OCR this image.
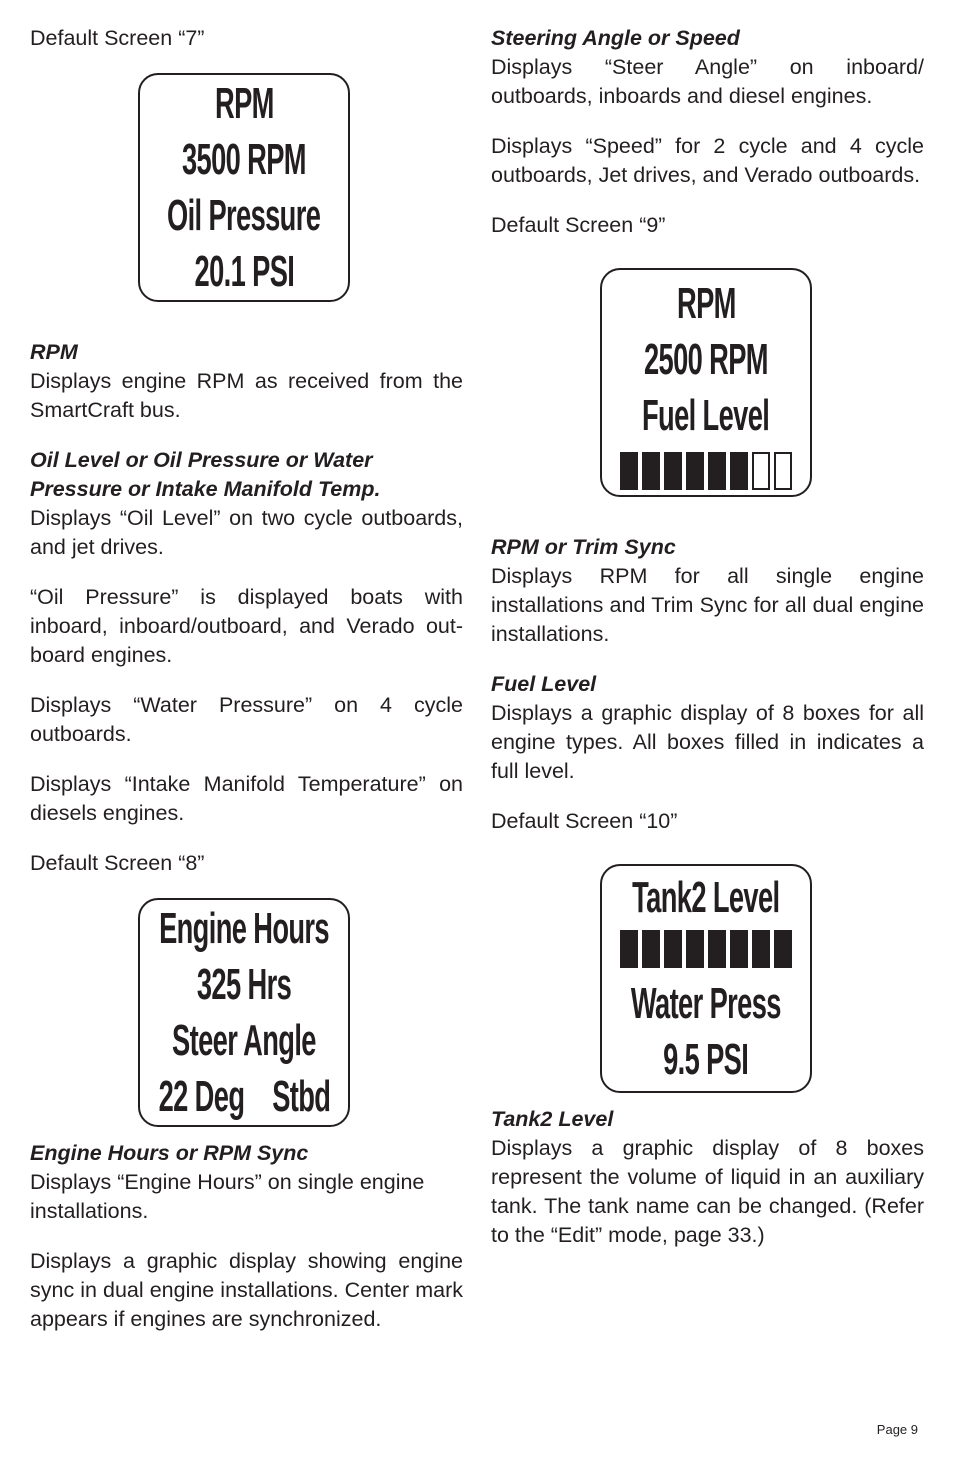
Default Screen “7”
RPM
3500 RPM
Oil Pressure
20.1 PSI
RPM

Displays engine RPM as received from the SmartCraft bus.

Oil Level or Oil Pressure or Water
Pressure or Intake Manifold Temp.

Displays “Oil Level” on two cycle outboards, and jet drives.

“Oil Pressure” is displayed boats with inboard, inboard/outboard, and Verado out-board engines.

Displays “Water Pressure” on 4 cycle outboards.

Displays “Intake Manifold Temperature” on diesels engines.

Default Screen “8”
Engine Hours
325 Hrs
Steer Angle
22 Deg    Stbd
Engine Hours or RPM Sync

Displays “Engine Hours” on single engine installations.

Displays a graphic display showing engine sync in dual engine installations. Center mark appears if engines are synchronized.

Steering Angle or Speed

Displays “Steer Angle” on inboard/ outboards, inboards and diesel engines.

Displays “Speed” for 2 cycle and 4 cycle outboards, Jet drives, and Verado outboards.

Default Screen “9”
RPM
2500 RPM
Fuel Level
RPM or Trim Sync

Displays RPM for all single engine installations and Trim Sync for all dual engine installations.

Fuel Level

Displays a graphic display of 8 boxes for all engine types. All boxes filled in indicates a full level.

Default Screen “10”
Tank2 Level
Water Press
9.5 PSI
Tank2 Level

Displays a graphic display of 8 boxes represent the volume of liquid in an auxiliary tank. The tank name can be changed. (Refer to the “Edit” mode, page 33.)

Page 9
